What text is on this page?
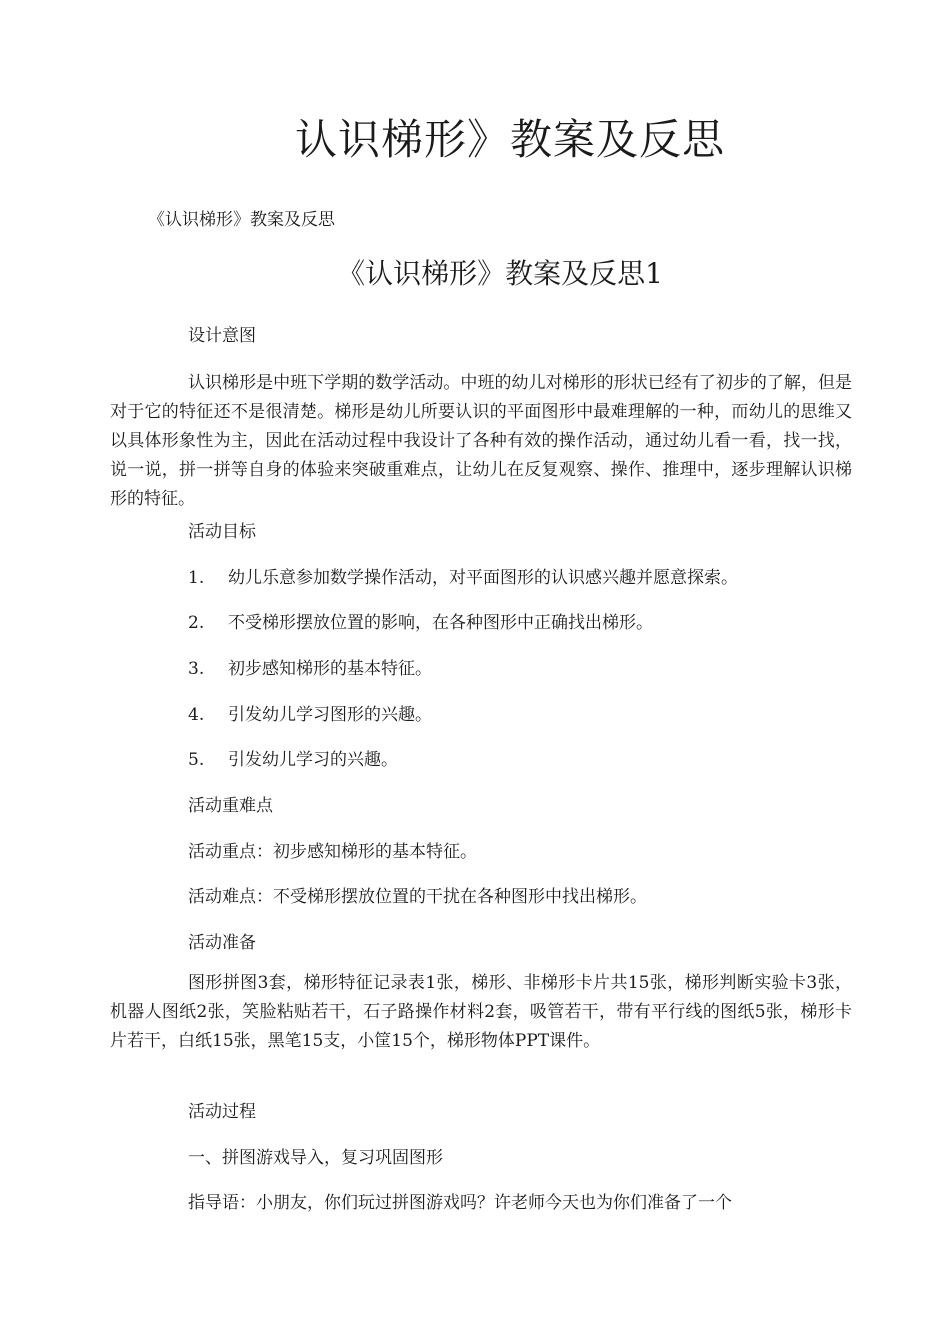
认识梯形》教案及反思
《认识梯形》教案及反思
《认识梯形》教案及反思1
设计意图
认识梯形是中班下学期的数学活动。中班的幼儿对梯形的形状已经有了初步的了解，但是对于它的特征还不是很清楚。梯形是幼儿所要认识的平面图形中最难理解的一种，而幼儿的思维又以具体形象性为主，因此在活动过程中我设计了各种有效的操作活动，通过幼儿看一看，找一找，说一说，拼一拼等自身的体验来突破重难点，让幼儿在反复观察、操作、推理中，逐步理解认识梯形的特征。
活动目标
1. 幼儿乐意参加数学操作活动，对平面图形的认识感兴趣并愿意探索。
2. 不受梯形摆放位置的影响，在各种图形中正确找出梯形。
3. 初步感知梯形的基本特征。
4. 引发幼儿学习图形的兴趣。
5. 引发幼儿学习的兴趣。
活动重难点
活动重点：初步感知梯形的基本特征。
活动难点：不受梯形摆放位置的干扰在各种图形中找出梯形。
活动准备
图形拼图3套，梯形特征记录表1张，梯形、非梯形卡片共15张，梯形判断实验卡3张，机器人图纸2张，笑脸粘贴若干，石子路操作材料2套，吸管若干，带有平行线的图纸5张，梯形卡片若干，白纸15张，黑笔15支，小筐15个，梯形物体PPT课件。
活动过程
一、拼图游戏导入，复习巩固图形
指导语：小朋友，你们玩过拼图游戏吗？许老师今天也为你们准备了一个
